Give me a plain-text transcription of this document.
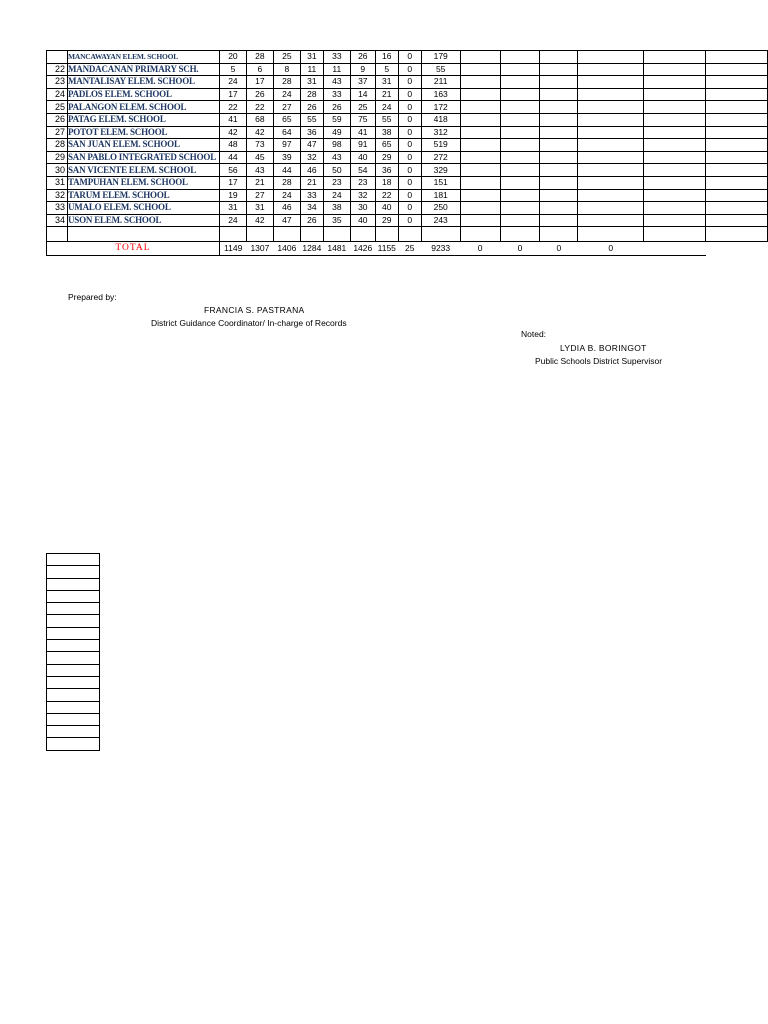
	MANCAWAYAN ELEM. SCHOOL	20	28	25	31	33	26	16	0	179						
22	MANDACANAN PRIMARY SCH.	5	6	8	11	11	9	5	0	55						
23	MANTALISAY ELEM. SCHOOL	24	17	28	31	43	37	31	0	211						
24	PADLOS ELEM. SCHOOL	17	26	24	28	33	14	21	0	163						
25	PALANGON ELEM. SCHOOL	22	22	27	26	26	25	24	0	172						
26	PATAG ELEM. SCHOOL	41	68	65	55	59	75	55	0	418						
27	POTOT ELEM. SCHOOL	42	42	64	36	49	41	38	0	312						
28	SAN JUAN ELEM. SCHOOL	48	73	97	47	98	91	65	0	519						
29	SAN PABLO INTEGRATED SCHOOL	44	45	39	32	43	40	29	0	272						
30	SAN VICENTE ELEM. SCHOOL	56	43	44	46	50	54	36	0	329						
31	TAMPUHAN ELEM. SCHOOL	17	21	28	21	23	23	18	0	151						
32	TARUM ELEM. SCHOOL	19	27	24	33	24	32	22	0	181						
33	UMALO ELEM. SCHOOL	31	31	46	34	38	30	40	0	250						
34	USON ELEM. SCHOOL	24	42	47	26	35	40	29	0	243						

TOTAL		1149	1307	1406	1284	1481	1426	1155	25	9233	0	0	0	0		
Prepared by:
FRANCIA S. PASTRANA
District Guidance Coordinator/ In-charge of Records
Noted:
LYDIA B. BORINGOT
Public Schools District Supervisor
